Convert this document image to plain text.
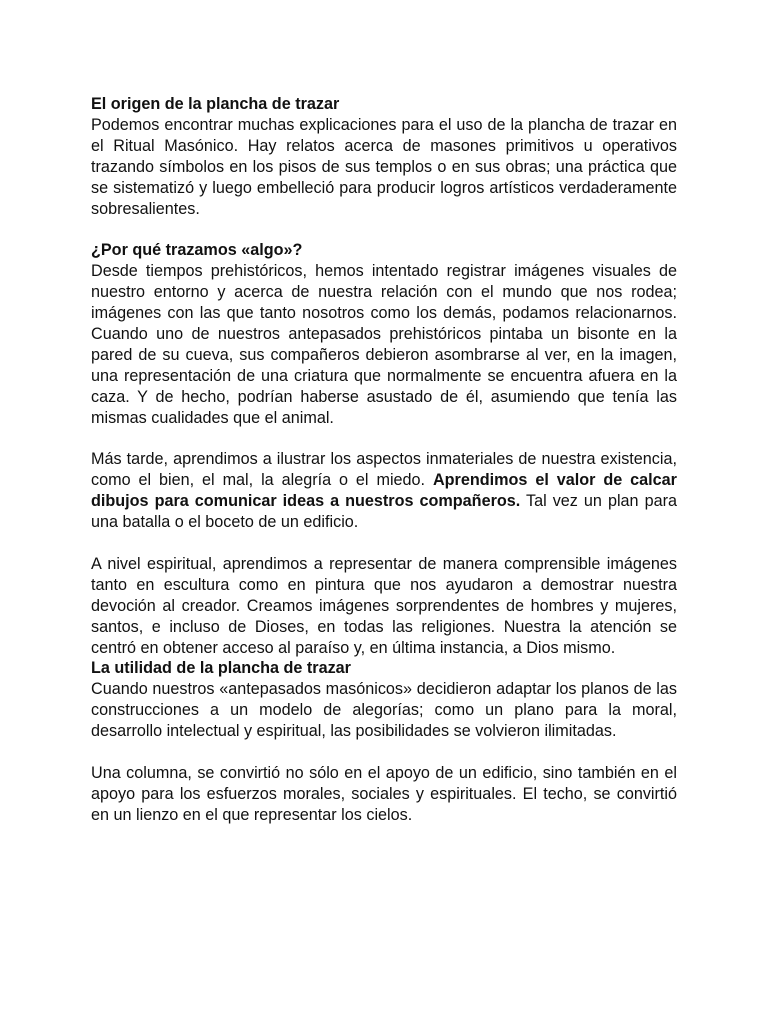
El origen de la plancha de trazar

Podemos encontrar muchas explicaciones para el uso de la plancha de trazar en el Ritual Masónico. Hay relatos acerca de masones primitivos u operativos trazando símbolos en los pisos de sus templos o en sus obras; una práctica que se sistematizó y luego embelleció para producir logros artísticos verdaderamente sobresalientes.

¿Por qué trazamos «algo»?

Desde tiempos prehistóricos, hemos intentado registrar imágenes visuales de nuestro entorno y acerca de nuestra relación con el mundo que nos rodea; imágenes con las que tanto nosotros como los demás, podamos relacionarnos. Cuando uno de nuestros antepasados prehistóricos pintaba un bisonte en la pared de su cueva, sus compañeros debieron asombrarse al ver, en la imagen, una representación de una criatura que normalmente se encuentra afuera en la caza. Y de hecho, podrían haberse asustado de él, asumiendo que tenía las mismas cualidades que el animal.

Más tarde, aprendimos a ilustrar los aspectos inmateriales de nuestra existencia, como el bien, el mal, la alegría o el miedo. Aprendimos el valor de calcar dibujos para comunicar ideas a nuestros compañeros. Tal vez un plan para una batalla o el boceto de un edificio.

A nivel espiritual, aprendimos a representar de manera comprensible imágenes tanto en escultura como en pintura que nos ayudaron a demostrar nuestra devoción al creador. Creamos imágenes sorprendentes de hombres y mujeres, santos, e incluso de Dioses, en todas las religiones. Nuestra la atención se centró en obtener acceso al paraíso y, en última instancia, a Dios mismo.

La utilidad de la plancha de trazar

Cuando nuestros «antepasados masónicos» decidieron adaptar los planos de las construcciones a un modelo de alegorías; como un plano para la moral, desarrollo intelectual y espiritual, las posibilidades se volvieron ilimitadas.

Una columna, se convirtió no sólo en el apoyo de un edificio, sino también en el apoyo para los esfuerzos morales, sociales y espirituales. El techo, se convirtió en un lienzo en el que representar los cielos.
